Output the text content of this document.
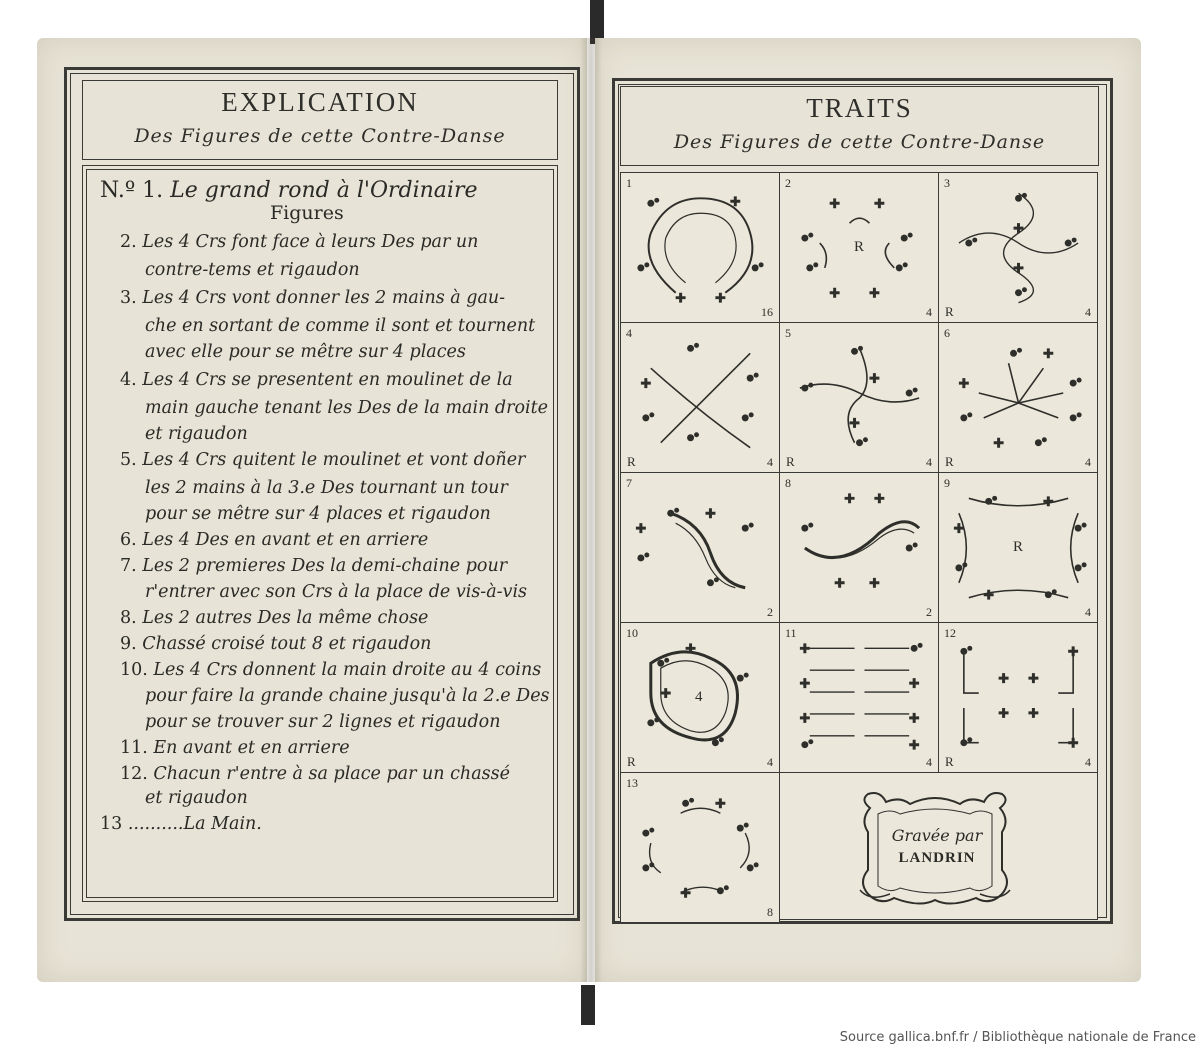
EXPLICATION
Des Figures de cette Contre-Danse
N.º 1. Le grand rond à l'Ordinaire
Figures
2. Les 4 Crs font face à leurs Des par un
contre-tems et rigaudon
3. Les 4 Crs vont donner les 2 mains à gau-
che en sortant de comme il sont et tournent
avec elle pour se mêtre sur 4 places
4. Les 4 Crs se presentent en moulinet de la
main gauche tenant les Des de la main droite
et rigaudon
5. Les 4 Crs quitent le moulinet et vont doñer
les 2 mains à la 3.e Des tournant un tour
pour se mêtre sur 4 places et rigaudon
6. Les 4 Des en avant et en arriere
7. Les 2 premieres Des la demi-chaine pour
r'entrer avec son Crs à la place de vis-à-vis
8. Les 2 autres Des la même chose
9. Chassé croisé tout 8 et rigaudon
10. Les 4 Crs donnent la main droite au 4 coins
pour faire la grande chaine jusqu'à la 2.e Des
pour se trouver sur 2 lignes et rigaudon
11. En avant et en arriere
12. Chacun r'entre à sa place par un chassé
et rigaudon
13 ..........La Main.
TRAITS
Des Figures de cette Contre-Danse
1
16
2
4
R
3
R	4
4
R	4
5
R	4
6
R	4
7
2
8
2
9
4
R
10
R	4
4
11
4
12
R	4
13
8
Gravée par
LANDRIN
Source gallica.bnf.fr / Bibliothèque nationale de France
